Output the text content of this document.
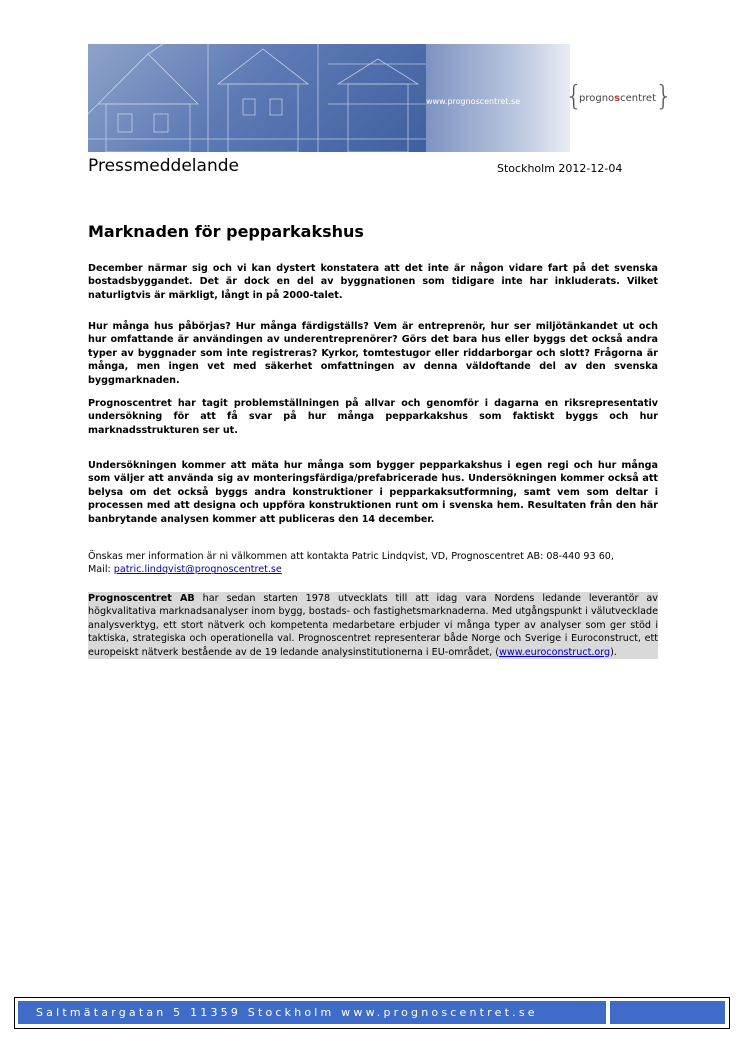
www.prognoscentret.se {
prognoscentret }
Pressmeddelande	Stockholm 2012-12-04
Marknaden för pepparkakshus
December närmar sig och vi kan dystert konstatera att det inte är någon vidare fart på det svenska bostadsbyggandet. Det är dock en del av byggnationen som tidigare inte har inkluderats. Vilket naturligtvis är märkligt, långt in på 2000-talet.
Hur många hus påbörjas? Hur många färdigställs? Vem är entreprenör, hur ser miljötänkandet ut och hur omfattande är användingen av underentreprenörer? Görs det bara hus eller byggs det också andra typer av byggnader som inte registreras? Kyrkor, tomtestugor eller riddarborgar och slott? Frågorna är många, men ingen vet med säkerhet omfattningen av denna väldoftande del av den svenska byggmarknaden.
Prognoscentret har tagit problemställningen på allvar och genomför i dagarna en riksrepresentativ undersökning för att få svar på hur många pepparkakshus som faktiskt byggs och hur marknadsstrukturen ser ut.
Undersökningen kommer att mäta hur många som bygger pepparkakshus i egen regi och hur många som väljer att använda sig av monteringsfärdiga/prefabricerade hus. Undersökningen kommer också att belysa om det också byggs andra konstruktioner i pepparkaksutformning, samt vem som deltar i processen med att designa och uppföra konstruktionen runt om i svenska hem. Resultaten från den här banbrytande analysen kommer att publiceras den 14 december.
Önskas mer information är ni välkommen att kontakta Patric Lindqvist, VD, Prognoscentret AB: 08-440 93 60,
Mail: patric.lindqvist@prognoscentret.se
Prognoscentret AB har sedan starten 1978 utvecklats till att idag vara Nordens ledande leverantör av högkvalitativa marknadsanalyser inom bygg, bostads- och fastighetsmarknaderna. Med utgångspunkt i välutvecklade analysverktyg, ett stort nätverk och kompetenta medarbetare erbjuder vi många typer av analyser som ger stöd i taktiska, strategiska och operationella val. Prognoscentret representerar både Norge och Sverige i Euroconstruct, ett europeiskt nätverk bestående av de 19 ledande analysinstitutionerna i EU-området, (www.euroconstruct.org).
Saltmätargatan 5 11359 Stockholm www.prognoscentret.se
